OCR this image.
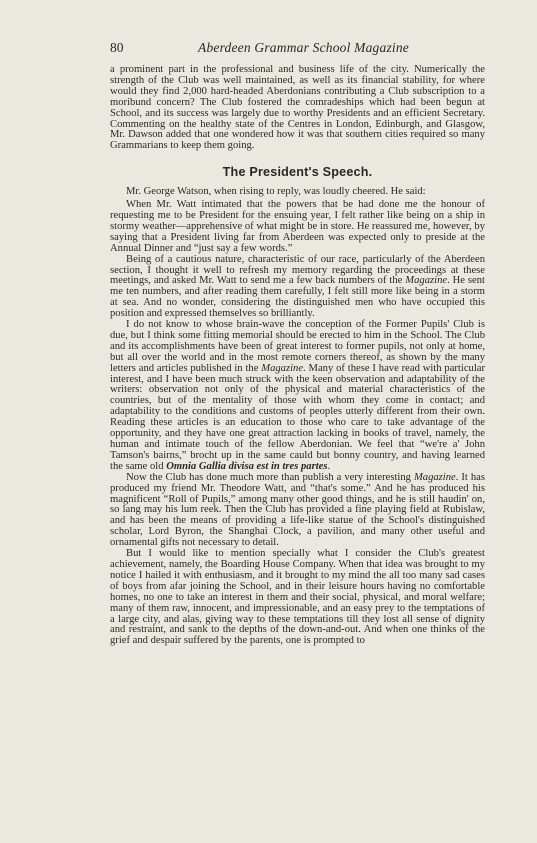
80	Aberdeen Grammar School Magazine

a prominent part in the professional and business life of the city. Numerically the strength of the Club was well maintained, as well as its financial stability, for where would they find 2,000 hard-headed Aberdonians contributing a Club subscription to a moribund concern? The Club fostered the comradeships which had been begun at School, and its success was largely due to worthy Presidents and an efficient Secretary. Commenting on the healthy state of the Centres in London, Edinburgh, and Glasgow, Mr. Dawson added that one wondered how it was that southern cities required so many Grammarians to keep them going.

The President's Speech.

Mr. George Watson, when rising to reply, was loudly cheered. He said:

When Mr. Watt intimated that the powers that be had done me the honour of requesting me to be President for the ensuing year, I felt rather like being on a ship in stormy weather—apprehensive of what might be in store. He reassured me, however, by saying that a President living far from Aberdeen was expected only to preside at the Annual Dinner and “just say a few words.”

Being of a cautious nature, characteristic of our race, particularly of the Aberdeen section, I thought it well to refresh my memory regarding the proceedings at these meetings, and asked Mr. Watt to send me a few back numbers of the Magazine. He sent me ten numbers, and after reading them carefully, I felt still more like being in a storm at sea. And no wonder, considering the distinguished men who have occupied this position and expressed themselves so brilliantly.

I do not know to whose brain-wave the conception of the Former Pupils' Club is due, but I think some fitting memorial should be erected to him in the School. The Club and its accomplishments have been of great interest to former pupils, not only at home, but all over the world and in the most remote corners thereof, as shown by the many letters and articles published in the Magazine. Many of these I have read with particular interest, and I have been much struck with the keen observation and adaptability of the writers: observation not only of the physical and material characteristics of the countries, but of the mentality of those with whom they come in contact; and adaptability to the conditions and customs of peoples utterly different from their own. Reading these articles is an education to those who care to take advantage of the opportunity, and they have one great attraction lacking in books of travel, namely, the human and intimate touch of the fellow Aberdonian. We feel that “we're a' John Tamson's bairns,” brocht up in the same cauld but bonny country, and having learned the same old Omnia Gallia divisa est in tres partes.

Now the Club has done much more than publish a very interesting Magazine. It has produced my friend Mr. Theodore Watt, and “that's some.” And he has produced his magnificent “Roll of Pupils,” among many other good things, and he is still haudin' on, so lang may his lum reek. Then the Club has provided a fine playing field at Rubislaw, and has been the means of providing a life-like statue of the School's distinguished scholar, Lord Byron, the Shanghai Clock, a pavilion, and many other useful and ornamental gifts not necessary to detail.

But I would like to mention specially what I consider the Club's greatest achievement, namely, the Boarding House Company. When that idea was brought to my notice I hailed it with enthusiasm, and it brought to my mind the all too many sad cases of boys from afar joining the School, and in their leisure hours having no comfortable homes, no one to take an interest in them and their social, physical, and moral welfare; many of them raw, innocent, and impressionable, and an easy prey to the temptations of a large city, and alas, giving way to these temptations till they lost all sense of dignity and restraint, and sank to the depths of the down-and-out. And when one thinks of the grief and despair suffered by the parents, one is prompted to
